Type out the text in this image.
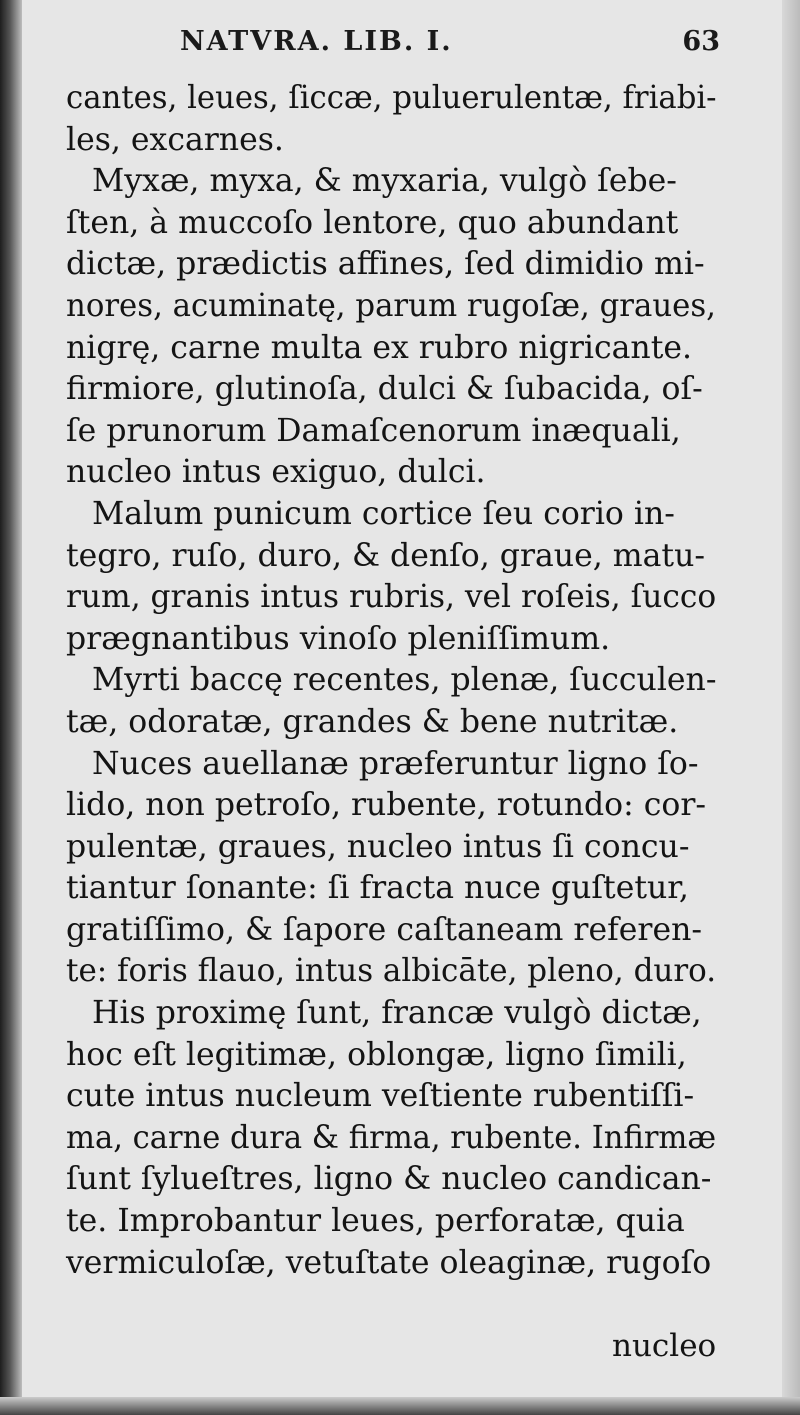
NATVRA. LIB. I.	63
cantes, leues, ſiccæ, puluerulentæ, friabi-
les, excarnes.
Myxæ, myxa, & myxaria, vulgò ſebe-
ſten, à muccoſo lentore, quo abundant
dictæ, prædictis affines, ſed dimidio mi-
nores, acuminatę, parum rugoſæ, graues,
nigrę, carne multa ex rubro nigricante.
firmiore, glutinoſa, dulci & ſubacida, oſ-
ſe prunorum Damaſcenorum inæquali,
nucleo intus exiguo, dulci.
Malum punicum cortice ſeu corio in-
tegro, ruſo, duro, & denſo, graue, matu-
rum, granis intus rubris, vel roſeis, ſucco
prægnantibus vinoſo pleniſſimum.
Myrti baccę recentes, plenæ, ſucculen-
tæ, odoratæ, grandes & bene nutritæ.
Nuces auellanæ præferuntur ligno ſo-
lido, non petroſo, rubente, rotundo: cor-
pulentæ, graues, nucleo intus ſi concu-
tiantur ſonante: ſi fracta nuce guſtetur,
gratiſſimo, & ſapore caſtaneam referen-
te: foris flauo, intus albicāte, pleno, duro.
His proximę ſunt, francæ vulgò dictæ,
hoc eſt legitimæ, oblongæ, ligno ſimili,
cute intus nucleum veſtiente rubentiſſi-
ma, carne dura & firma, rubente. Infirmæ
ſunt ſylueſtres, ligno & nucleo candican-
te. Improbantur leues, perforatæ, quia
vermiculoſæ, vetuſtate oleaginæ, rugoſo
nucleo
